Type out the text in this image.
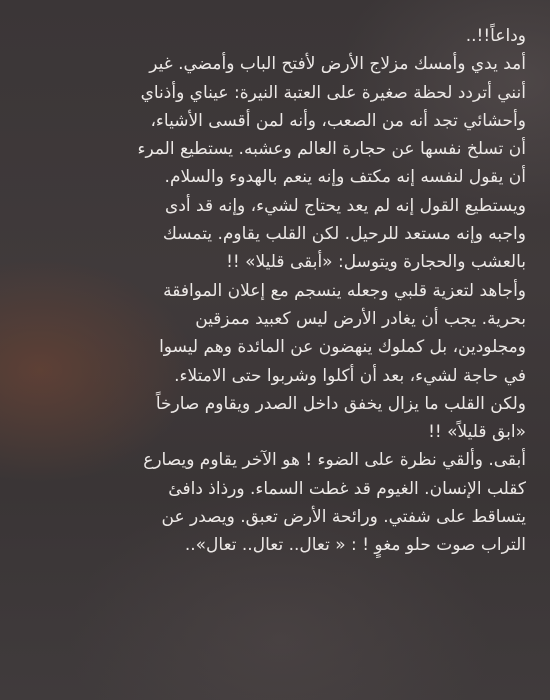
وداعاً!!..
أمد يدي وأمسك مزلاج الأرض لأفتح الباب وأمضي. غير
أنني أتردد لحظة صغيرة على العتبة النيرة: عيناي وأذناي
وأحشائي تجد أنه من الصعب، وأنه لمن أقسى الأشياء،
أن تسلخ نفسها عن حجارة العالم وعشبه. يستطيع المرء
أن يقول لنفسه إنه مكتف وإنه ينعم بالهدوء والسلام.
ويستطيع القول إنه لم يعد يحتاج لشيء، وإنه قد أدى
واجبه وإنه مستعد للرحيل. لكن القلب يقاوم. يتمسك
بالعشب والحجارة ويتوسل: «أبقى قليلا» !!
وأجاهد لتعزية قلبي وجعله ينسجم مع إعلان الموافقة
بحرية. يجب أن يغادر الأرض ليس كعبيد ممزقين
ومجلودين، بل كملوك ينهضون عن المائدة وهم ليسوا
في حاجة لشيء، بعد أن أكلوا وشربوا حتى الامتلاء.
ولكن القلب ما يزال يخفق داخل الصدر ويقاوم صارخاً
«ابق قليلاً» !!
أبقى. وألقي نظرة على الضوء ! هو الآخر يقاوم ويصارع
كقلب الإنسان. الغيوم قد غطت السماء. ورذاذ دافئ
يتساقط على شفتي. ورائحة الأرض تعبق. ويصدر عن
التراب صوت حلو مغوٍ ! : « تعال.. تعال.. تعال»..
